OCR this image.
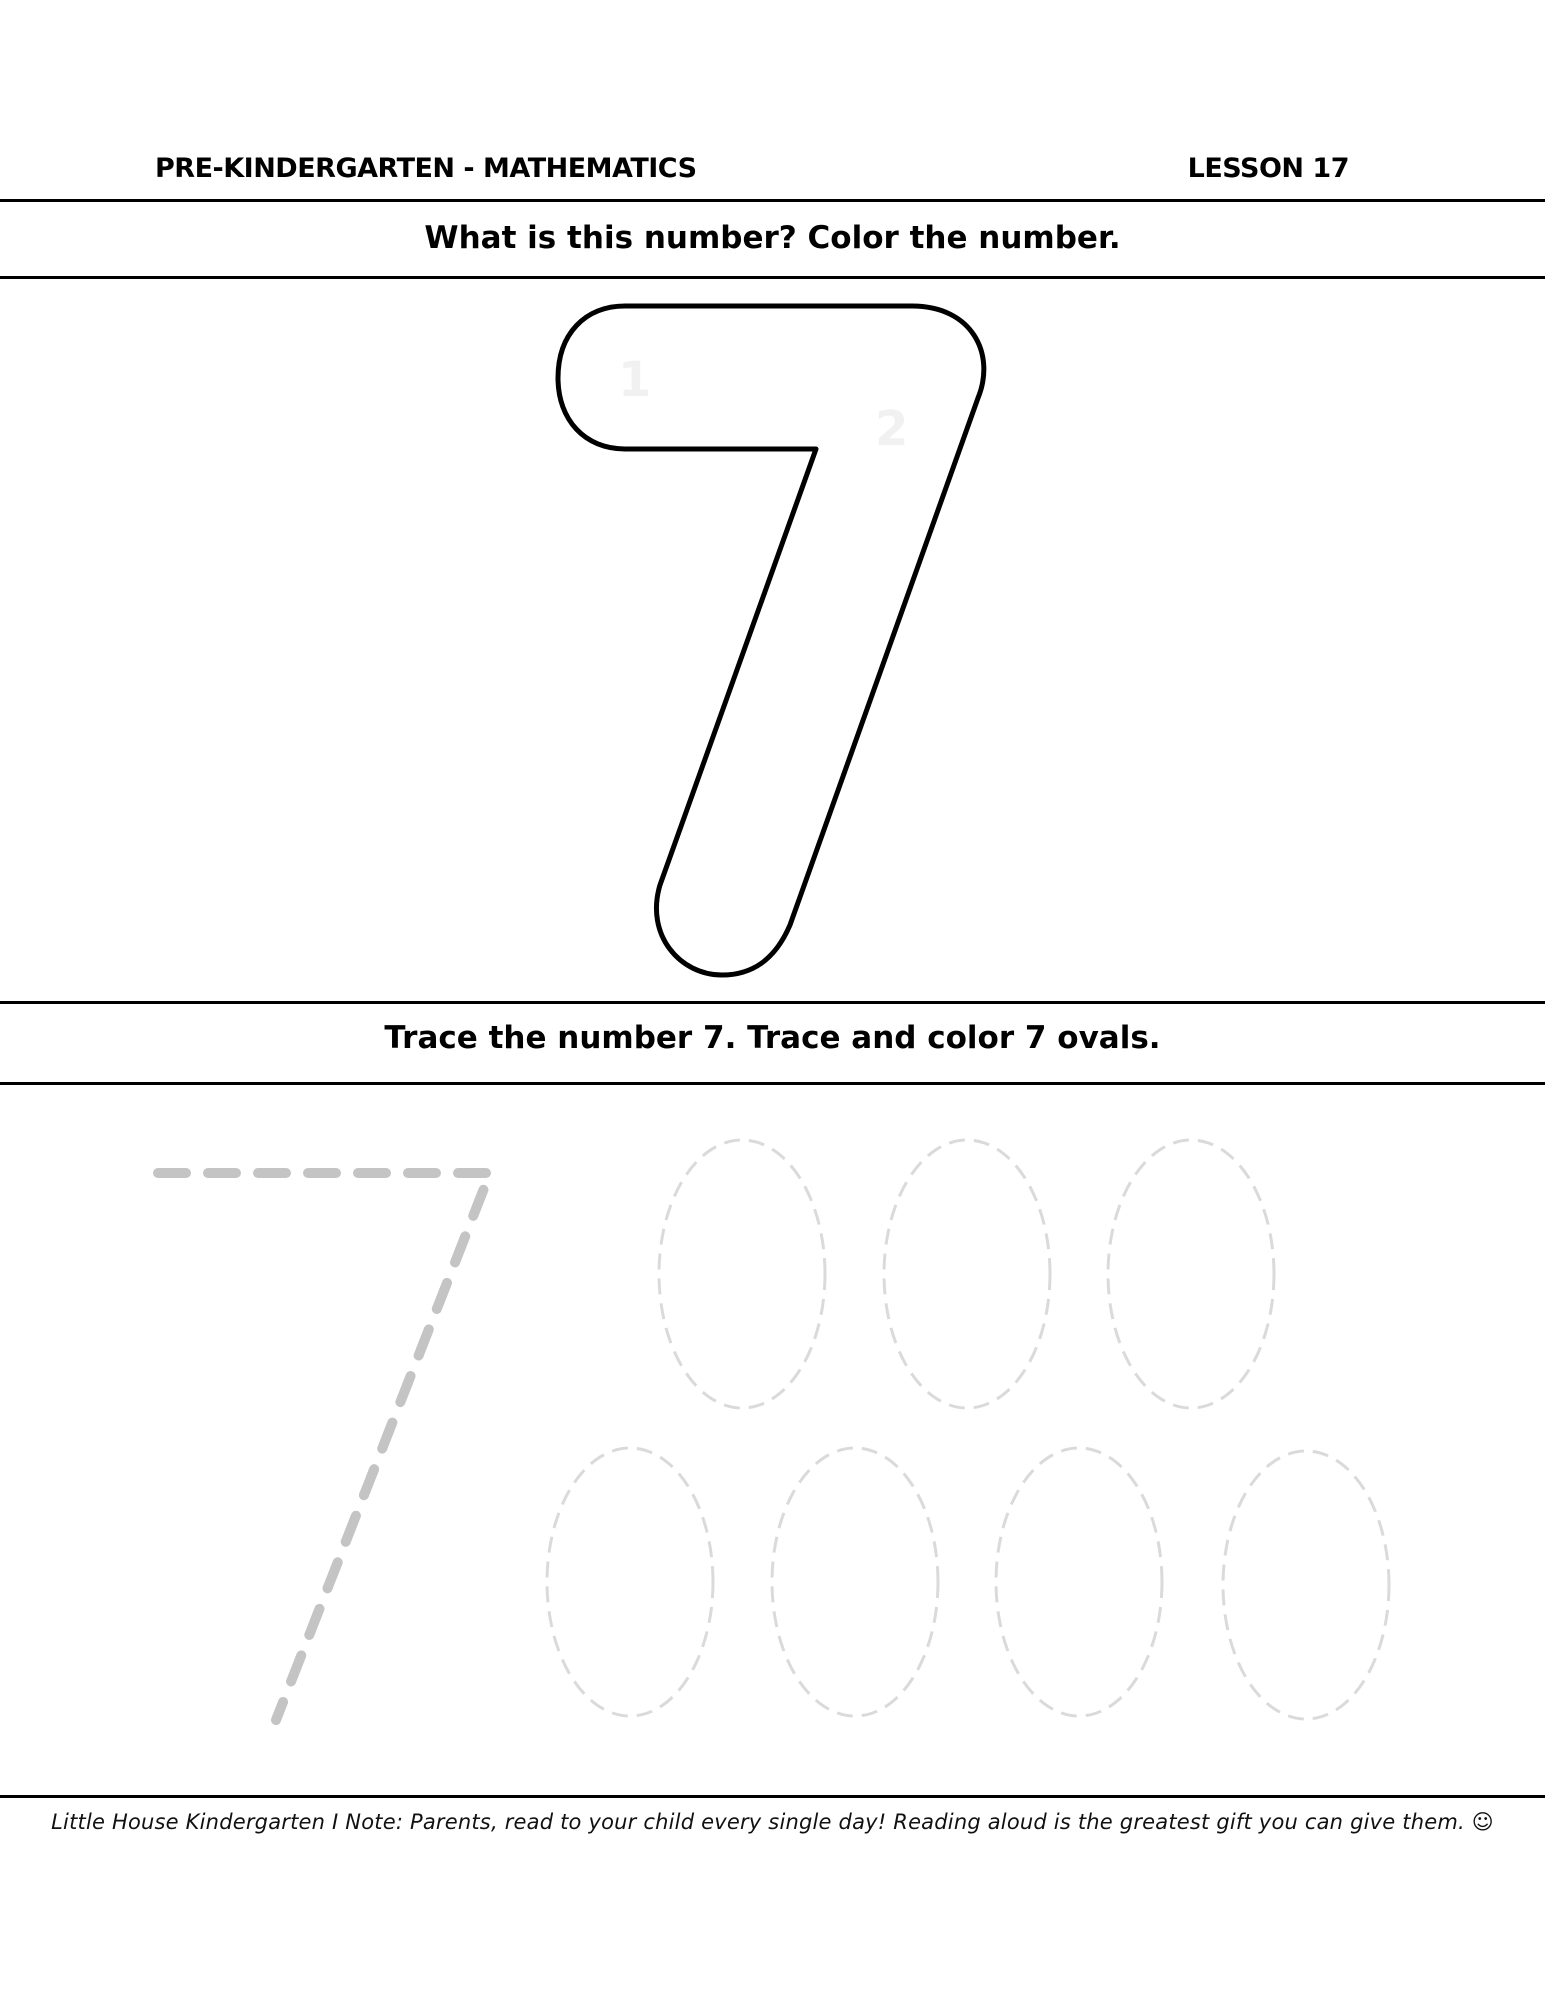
PRE-KINDERGARTEN - MATHEMATICS	LESSON 17
What is this number? Color the number.
1
2
Trace the number 7. Trace and color 7 ovals.
Little House Kindergarten I Note: Parents, read to your child every single day! Reading aloud is the greatest gift you can give them. ☺
